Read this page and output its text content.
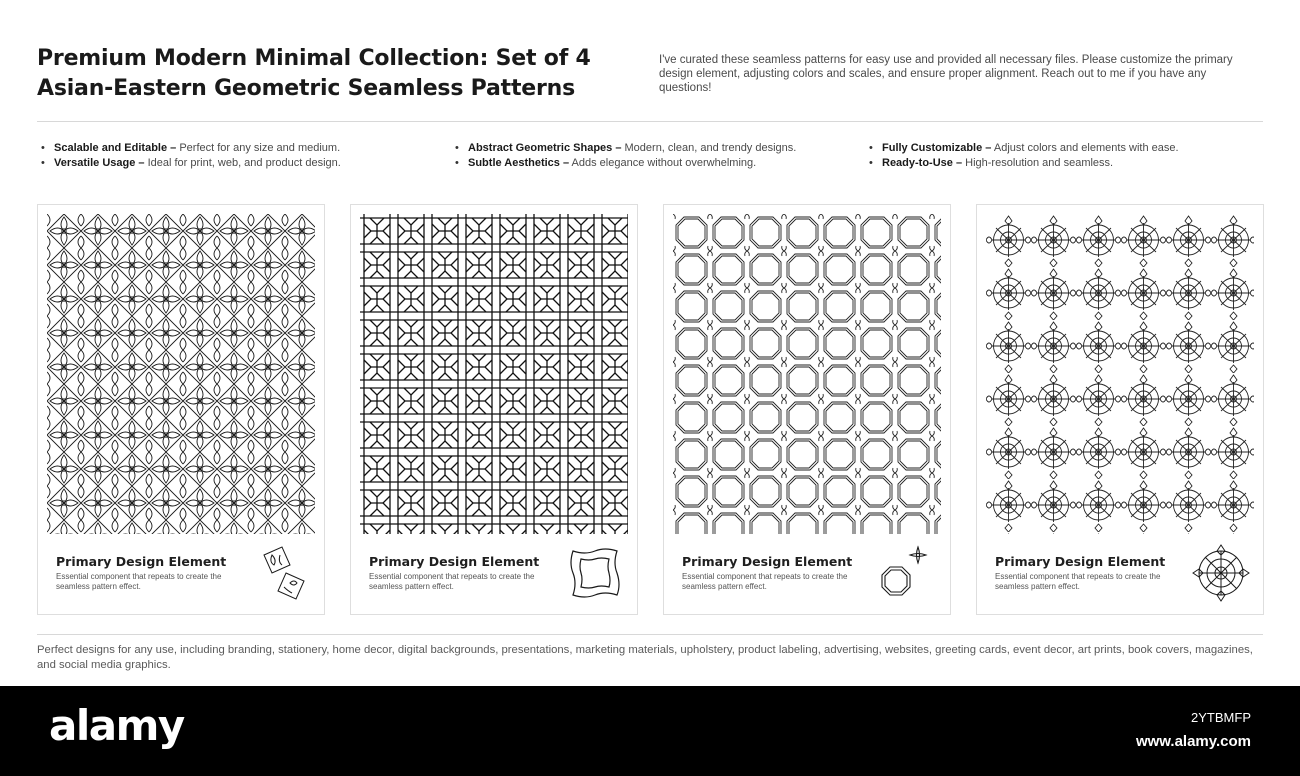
Premium Modern Minimal Collection: Set of 4
Asian-Eastern Geometric Seamless Patterns

I've curated these seamless patterns for easy use and provided all necessary files. Please customize the primary design element, adjusting colors and scales, and ensure proper alignment. Reach out to me if you have any questions!

• Scalable and Editable – Perfect for any size and medium.
• Versatile Usage – Ideal for print, web, and product design.
• Abstract Geometric Shapes – Modern, clean, and trendy designs.
• Subtle Aesthetics – Adds elegance without overwhelming.
• Fully Customizable – Adjust colors and elements with ease.
• Ready-to-Use – High-resolution and seamless.
Primary Design Element
Essential component that repeats to create the seamless pattern effect.
Primary Design Element
Essential component that repeats to create the seamless pattern effect.
Primary Design Element
Essential component that repeats to create the seamless pattern effect.
Primary Design Element
Essential component that repeats to create the seamless pattern effect.

Perfect designs for any use, including branding, stationery, home decor, digital backgrounds, presentations, marketing materials, upholstery, product labeling, advertising, websites, greeting cards, event decor, art prints, book covers, magazines, and social media graphics.

alamy	2YTBMFP
www.alamy.com
